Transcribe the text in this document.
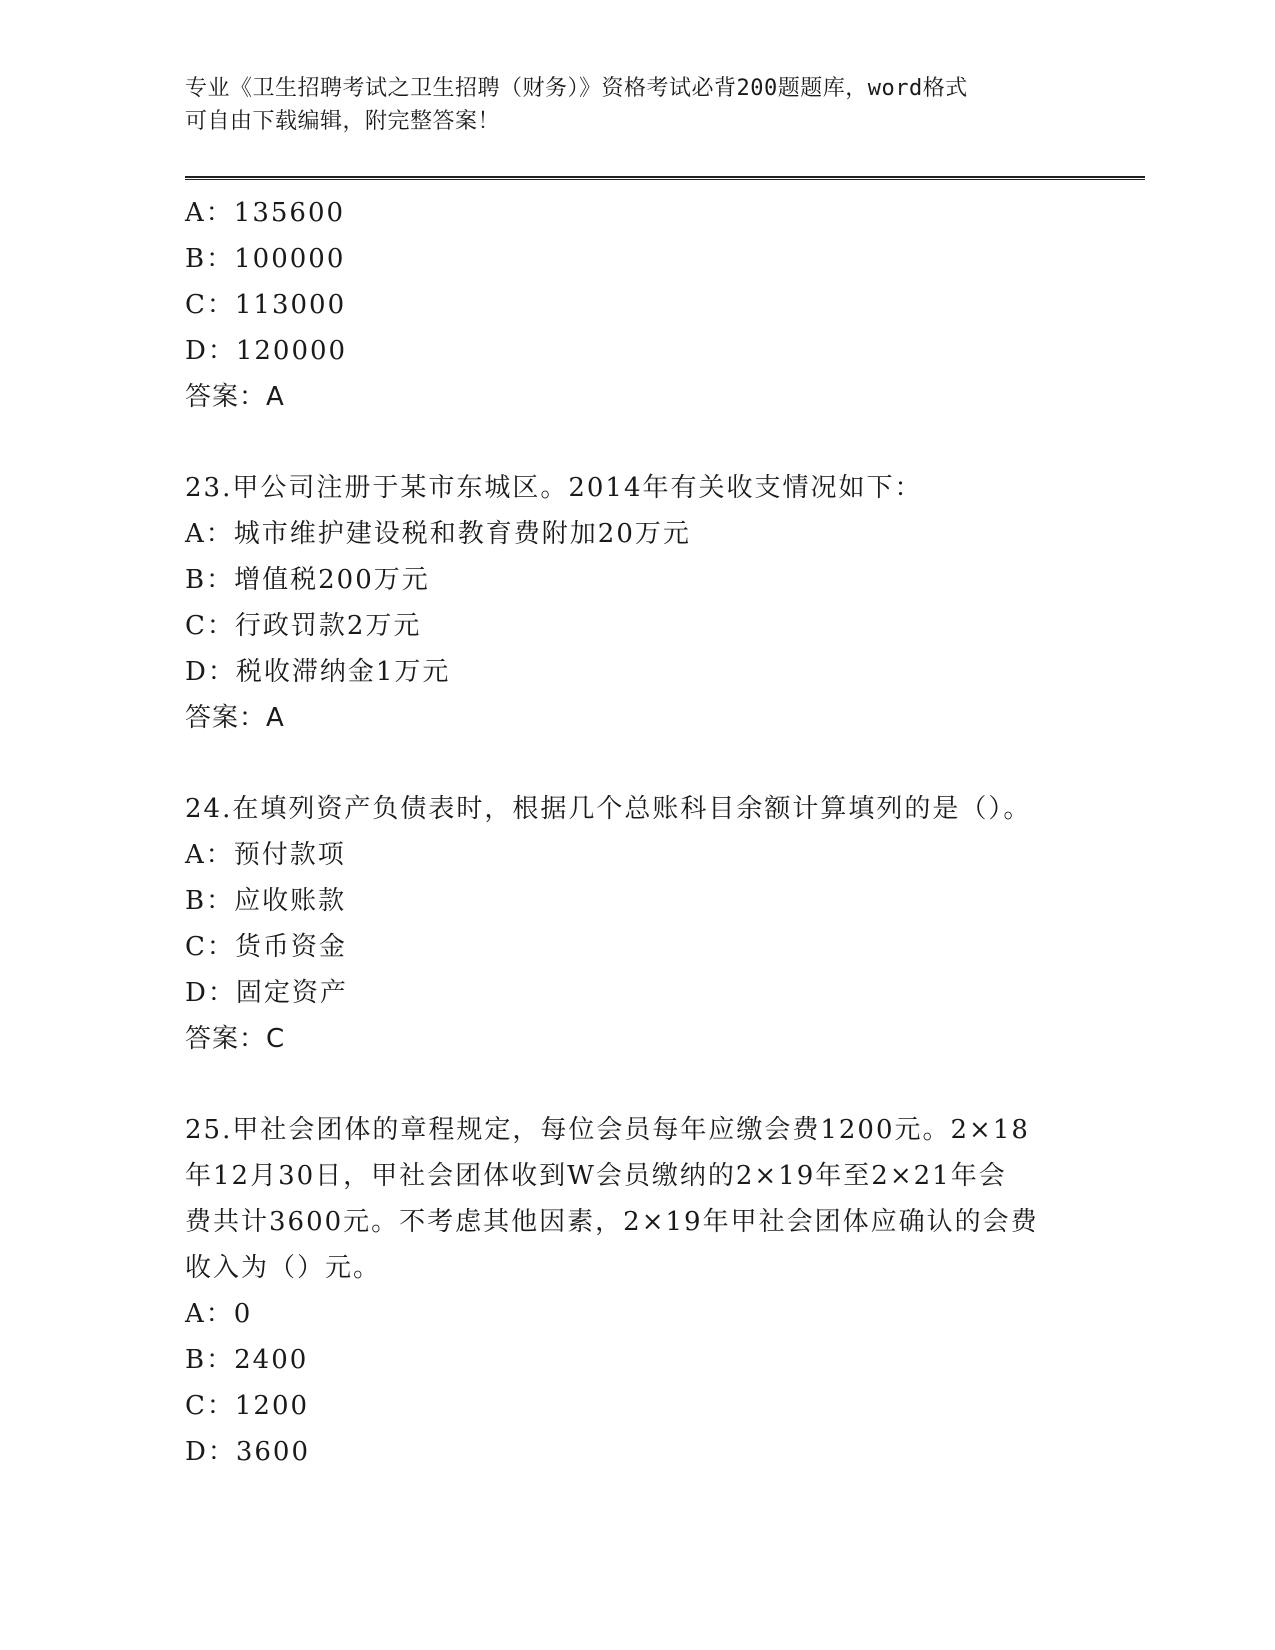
专业《卫生招聘考试之卫生招聘（财务）》资格考试必背200题题库，word格式
可自由下载编辑，附完整答案！
A：135600
B：100000
C：113000
D：120000
答案：A
23.甲公司注册于某市东城区。2014年有关收支情况如下：
A：城市维护建设税和教育费附加20万元
B：增值税200万元
C：行政罚款2万元
D：税收滞纳金1万元
答案：A
24.在填列资产负债表时，根据几个总账科目余额计算填列的是（）。
A：预付款项
B：应收账款
C：货币资金
D：固定资产
答案：C
25.甲社会团体的章程规定，每位会员每年应缴会费1200元。2×18
年12月30日，甲社会团体收到W会员缴纳的2×19年至2×21年会
费共计3600元。不考虑其他因素，2×19年甲社会团体应确认的会费
收入为（）元。
A：0
B：2400
C：1200
D：3600
